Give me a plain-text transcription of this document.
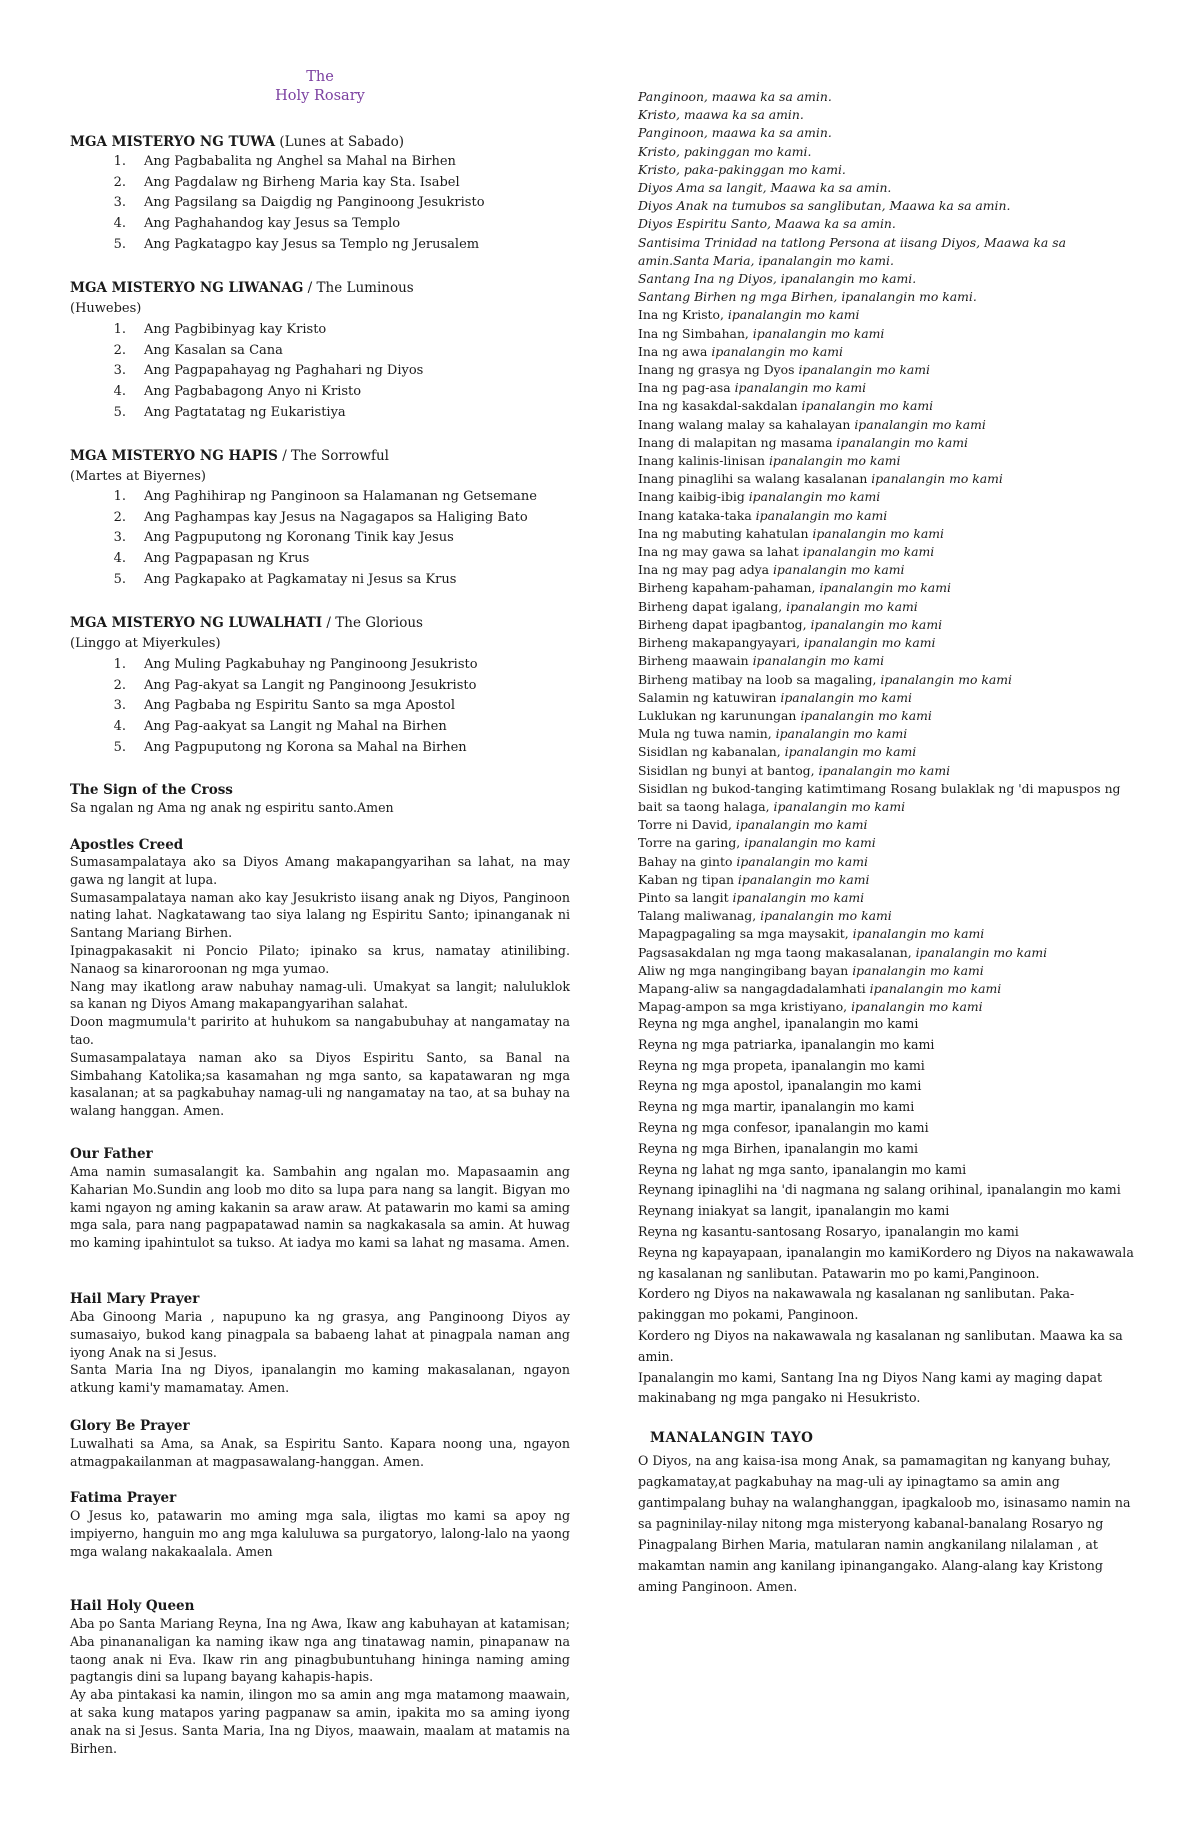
The
Holy Rosary
MGA MISTERYO NG TUWA (Lunes at Sabado)
1. Ang Pagbabalita ng Anghel sa Mahal na Birhen
2. Ang Pagdalaw ng Birheng Maria kay Sta. Isabel
3. Ang Pagsilang sa Daigdig ng Panginoong Jesukristo
4. Ang Paghahandog kay Jesus sa Templo
5. Ang Pagkatagpo kay Jesus sa Templo ng Jerusalem
MGA MISTERYO NG LIWANAG / The Luminous
(Huwebes)
1. Ang Pagbibinyag kay Kristo
2. Ang Kasalan sa Cana
3. Ang Pagpapahayag ng Paghahari ng Diyos
4. Ang Pagbabagong Anyo ni Kristo
5. Ang Pagtatatag ng Eukaristiya
MGA MISTERYO NG HAPIS / The Sorrowful
(Martes at Biyernes)
1. Ang Paghihirap ng Panginoon sa Halamanan ng Getsemane
2. Ang Paghampas kay Jesus na Nagagapos sa Haliging Bato
3. Ang Pagpuputong ng Koronang Tinik kay Jesus
4. Ang Pagpapasan ng Krus
5. Ang Pagkapako at Pagkamatay ni Jesus sa Krus
MGA MISTERYO NG LUWALHATI / The Glorious
(Linggo at Miyerkules)
1. Ang Muling Pagkabuhay ng Panginoong Jesukristo
2. Ang Pag-akyat sa Langit ng Panginoong Jesukristo
3. Ang Pagbaba ng Espiritu Santo sa mga Apostol
4. Ang Pag-aakyat sa Langit ng Mahal na Birhen
5. Ang Pagpuputong ng Korona sa Mahal na Birhen
The Sign of the Cross

Sa ngalan ng Ama ng anak ng espiritu santo.Amen

Apostles Creed

Sumasampalataya ako sa Diyos Amang makapangyarihan sa lahat, na may gawa ng langit at lupa.

Sumasampalataya naman ako kay Jesukristo iisang anak ng Diyos, Panginoon nating lahat. Nagkatawang tao siya lalang ng Espiritu Santo; ipinanganak ni Santang Mariang Birhen.

Ipinagpakasakit ni Poncio Pilato; ipinako sa krus, namatay atinilibing. Nanaog sa kinaroroonan ng mga yumao.

Nang may ikatlong araw nabuhay namag-uli. Umakyat sa langit; naluluklok sa kanan ng Diyos Amang makapangyarihan salahat.

Doon magmumula't paririto at huhukom sa nangabubuhay at nangamatay na tao.

Sumasampalataya naman ako sa Diyos Espiritu Santo, sa Banal na Simbahang Katolika;sa kasamahan ng mga santo, sa kapatawaran ng mga kasalanan; at sa pagkabuhay namag-uli ng nangamatay na tao, at sa buhay na walang hanggan. Amen.

Our Father

Ama namin sumasalangit ka. Sambahin ang ngalan mo. Mapasaamin ang Kaharian Mo.Sundin ang loob mo dito sa lupa para nang sa langit. Bigyan mo kami ngayon ng aming kakanin sa araw araw. At patawarin mo kami sa aming mga sala, para nang pagpapatawad namin sa nagkakasala sa amin. At huwag mo kaming ipahintulot sa tukso. At iadya mo kami sa lahat ng masama. Amen.

Hail Mary Prayer

Aba Ginoong Maria , napupuno ka ng grasya, ang Panginoong Diyos ay sumasaiyo, bukod kang pinagpala sa babaeng lahat at pinagpala naman ang iyong Anak na si Jesus.

Santa Maria Ina ng Diyos, ipanalangin mo kaming makasalanan, ngayon atkung kami'y mamamatay. Amen.

Glory Be Prayer

Luwalhati sa Ama, sa Anak, sa Espiritu Santo. Kapara noong una, ngayon atmagpakailanman at magpasawalang-hanggan. Amen.

Fatima Prayer

O Jesus ko, patawarin mo aming mga sala, iligtas mo kami sa apoy ng impiyerno, hanguin mo ang mga kaluluwa sa purgatoryo, lalong-lalo na yaong mga walang nakakaalala. Amen

Hail Holy Queen

Aba po Santa Mariang Reyna, Ina ng Awa, Ikaw ang kabuhayan at katamisan; Aba pinananaligan ka naming ikaw nga ang tinatawag namin, pinapanaw na taong anak ni Eva. Ikaw rin ang pinagbubuntuhang hininga naming aming pagtangis dini sa lupang bayang kahapis-hapis.

Ay aba pintakasi ka namin, ilingon mo sa amin ang mga matamong maawain, at saka kung matapos yaring pagpanaw sa amin, ipakita mo sa aming iyong anak na si Jesus. Santa Maria, Ina ng Diyos, maawain, maalam at matamis na Birhen.

Panginoon, maawa ka sa amin.
Kristo, maawa ka sa amin.
Panginoon, maawa ka sa amin.
Kristo, pakinggan mo kami.
Kristo, paka-pakinggan mo kami.
Diyos Ama sa langit, Maawa ka sa amin.
Diyos Anak na tumubos sa sanglibutan, Maawa ka sa amin.
Diyos Espiritu Santo, Maawa ka sa amin.
Santisima Trinidad na tatlong Persona at iisang Diyos, Maawa ka sa amin.Santa Maria, ipanalangin mo kami.
Santang Ina ng Diyos, ipanalangin mo kami.
Santang Birhen ng mga Birhen, ipanalangin mo kami.
Ina ng Kristo, ipanalangin mo kami
Ina ng Simbahan, ipanalangin mo kami
Ina ng awa ipanalangin mo kami
Inang ng grasya ng Dyos ipanalangin mo kami
Ina ng pag-asa ipanalangin mo kami
Ina ng kasakdal-sakdalan ipanalangin mo kami
Inang walang malay sa kahalayan ipanalangin mo kami
Inang di malapitan ng masama ipanalangin mo kami
Inang kalinis-linisan ipanalangin mo kami
Inang pinaglihi sa walang kasalanan ipanalangin mo kami
Inang kaibig-ibig ipanalangin mo kami
Inang kataka-taka ipanalangin mo kami
Ina ng mabuting kahatulan ipanalangin mo kami
Ina ng may gawa sa lahat ipanalangin mo kami
Ina ng may pag adya ipanalangin mo kami
Birheng kapaham-pahaman, ipanalangin mo kami
Birheng dapat igalang, ipanalangin mo kami
Birheng dapat ipagbantog, ipanalangin mo kami
Birheng makapangyayari, ipanalangin mo kami
Birheng maawain ipanalangin mo kami
Birheng matibay na loob sa magaling, ipanalangin mo kami
Salamin ng katuwiran ipanalangin mo kami
Luklukan ng karunungan ipanalangin mo kami
Mula ng tuwa namin, ipanalangin mo kami
Sisidlan ng kabanalan, ipanalangin mo kami
Sisidlan ng bunyi at bantog, ipanalangin mo kami
Sisidlan ng bukod-tanging katimtimang Rosang bulaklak ng 'di mapuspos ng bait sa taong halaga, ipanalangin mo kami
Torre ni David, ipanalangin mo kami
Torre na garing, ipanalangin mo kami
Bahay na ginto ipanalangin mo kami
Kaban ng tipan ipanalangin mo kami
Pinto sa langit ipanalangin mo kami
Talang maliwanag, ipanalangin mo kami
Mapagpagaling sa mga maysakit, ipanalangin mo kami
Pagsasakdalan ng mga taong makasalanan, ipanalangin mo kami
Aliw ng mga nangingibang bayan ipanalangin mo kami
Mapang-aliw sa nangagdadalamhati ipanalangin mo kami
Mapag-ampon sa mga kristiyano, ipanalangin mo kami
Reyna ng mga anghel, ipanalangin mo kami
Reyna ng mga patriarka, ipanalangin mo kami
Reyna ng mga propeta, ipanalangin mo kami
Reyna ng mga apostol, ipanalangin mo kami
Reyna ng mga martir, ipanalangin mo kami
Reyna ng mga confesor, ipanalangin mo kami
Reyna ng mga Birhen, ipanalangin mo kami
Reyna ng lahat ng mga santo, ipanalangin mo kami
Reynang ipinaglihi na 'di nagmana ng salang orihinal, ipanalangin mo kami
Reynang iniakyat sa langit, ipanalangin mo kami
Reyna ng kasantu-santosang Rosaryo, ipanalangin mo kami
Reyna ng kapayapaan, ipanalangin mo kamiKordero ng Diyos na nakawawala ng kasalanan ng sanlibutan. Patawarin mo po kami,Panginoon.
Kordero ng Diyos na nakawawala ng kasalanan ng sanlibutan. Paka-pakinggan mo pokami, Panginoon.
Kordero ng Diyos na nakawawala ng kasalanan ng sanlibutan. Maawa ka sa amin.
Ipanalangin mo kami, Santang Ina ng Diyos Nang kami ay maging dapat makinabang ng mga pangako ni Hesukristo.
MANALANGIN TAYO
O Diyos, na ang kaisa-isa mong Anak, sa pamamagitan ng kanyang buhay, pagkamatay,at pagkabuhay na mag-uli ay ipinagtamo sa amin ang gantimpalang buhay na walanghanggan, ipagkaloob mo, isinasamo namin na sa pagninilay-nilay nitong mga misteryong kabanal-banalang Rosaryo ng Pinagpalang Birhen Maria, matularan namin angkanilang nilalaman , at makamtan namin ang kanilang ipinangangako. Alang-alang kay Kristong aming Panginoon. Amen.
